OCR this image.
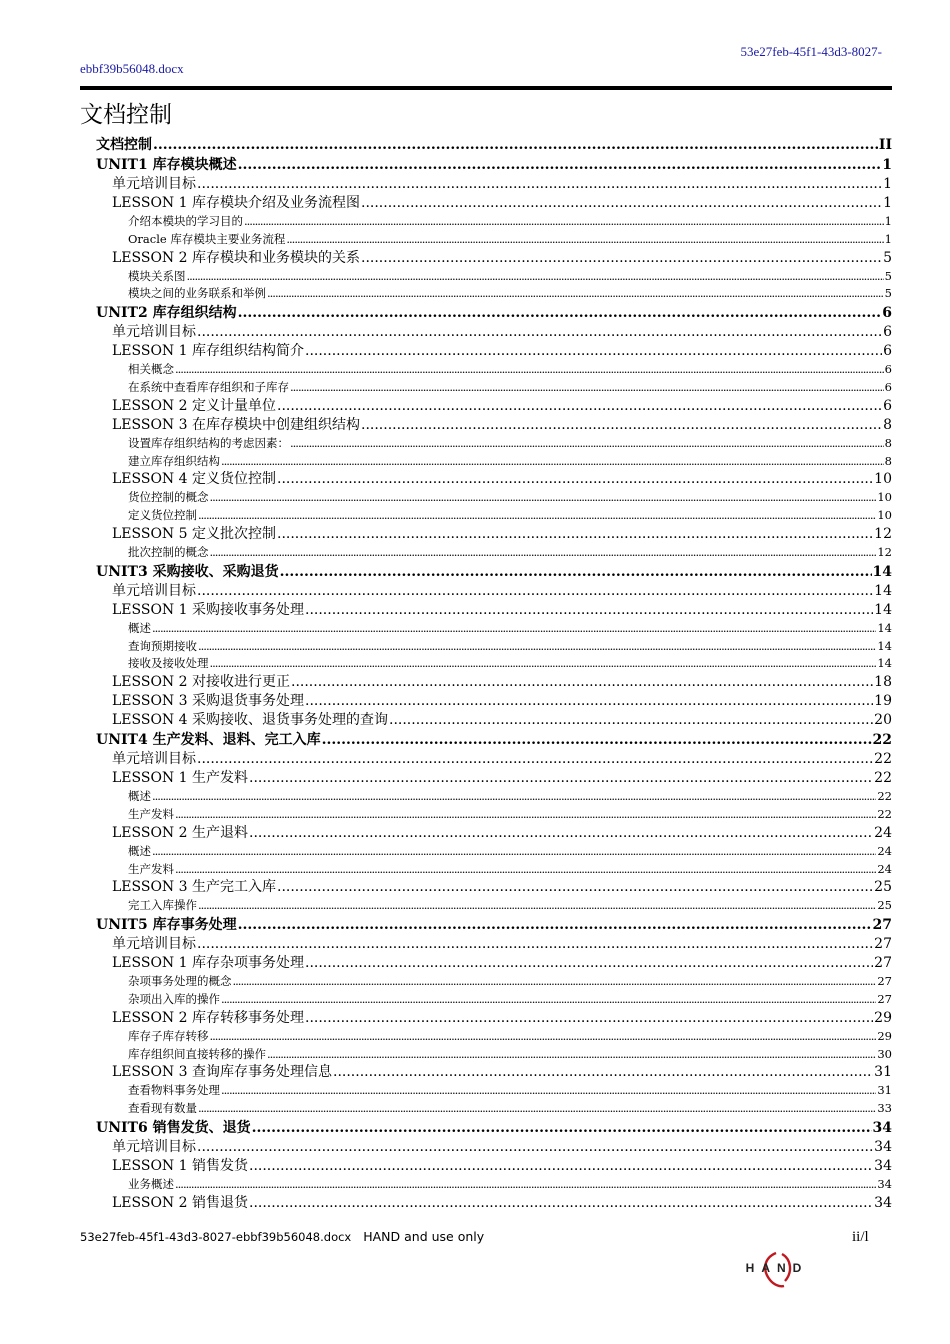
53e27feb-45f1-43d3-8027-
ebbf39b56048.docx
文档控制
文档控制 .....	II
UNIT1 库存模块概述 .....	1
单元培训目标 .....	1
LESSON 1 库存模块介绍及业务流程图 .....	1
介绍本模块的学习目的 .....	1
Oracle 库存模块主要业务流程 .....	1
LESSON 2 库存模块和业务模块的关系 .....	5
模块关系图 .....	5
模块之间的业务联系和举例 .....	5
UNIT2 库存组织结构 .....	6
单元培训目标 .....	6
LESSON 1 库存组织结构简介 .....	6
相关概念 .....	6
在系统中查看库存组织和子库存 .....	6
LESSON 2 定义计量单位 .....	6
LESSON 3 在库存模块中创建组织结构 .....	8
设置库存组织结构的考虑因素： .....	8
建立库存组织结构 .....	8
LESSON 4 定义货位控制 .....	10
货位控制的概念 .....	10
定义货位控制 .....	10
LESSON 5 定义批次控制 .....	12
批次控制的概念 .....	12
UNIT3 采购接收、采购退货 .....	14
单元培训目标 .....	14
LESSON 1 采购接收事务处理 .....	14
概述 .....	14
查询预期接收 .....	14
接收及接收处理 .....	14
LESSON 2 对接收进行更正 .....	18
LESSON 3 采购退货事务处理 .....	19
LESSON 4 采购接收、退货事务处理的查询 .....	20
UNIT4 生产发料、退料、完工入库 .....	22
单元培训目标 .....	22
LESSON 1 生产发料 .....	22
概述 .....	22
生产发料 .....	22
LESSON 2 生产退料 .....	24
概述 .....	24
生产发料 .....	24
LESSON 3 生产完工入库 .....	25
完工入库操作 .....	25
UNIT5 库存事务处理 .....	27
单元培训目标 .....	27
LESSON 1 库存杂项事务处理 .....	27
杂项事务处理的概念 .....	27
杂项出入库的操作 .....	27
LESSON 2 库存转移事务处理 .....	29
库存子库存转移 .....	29
库存组织间直接转移的操作 .....	30
LESSON 3 查询库存事务处理信息 .....	31
查看物料事务处理 .....	31
查看现有数量 .....	33
UNIT6 销售发货、退货 .....	34
单元培训目标 .....	34
LESSON 1 销售发货 .....	34
业务概述 .....	34
LESSON 2 销售退货 .....	34
53e27feb-45f1-43d3-8027-ebbf39b56048.docx HAND and use only	ii/l
HAND
